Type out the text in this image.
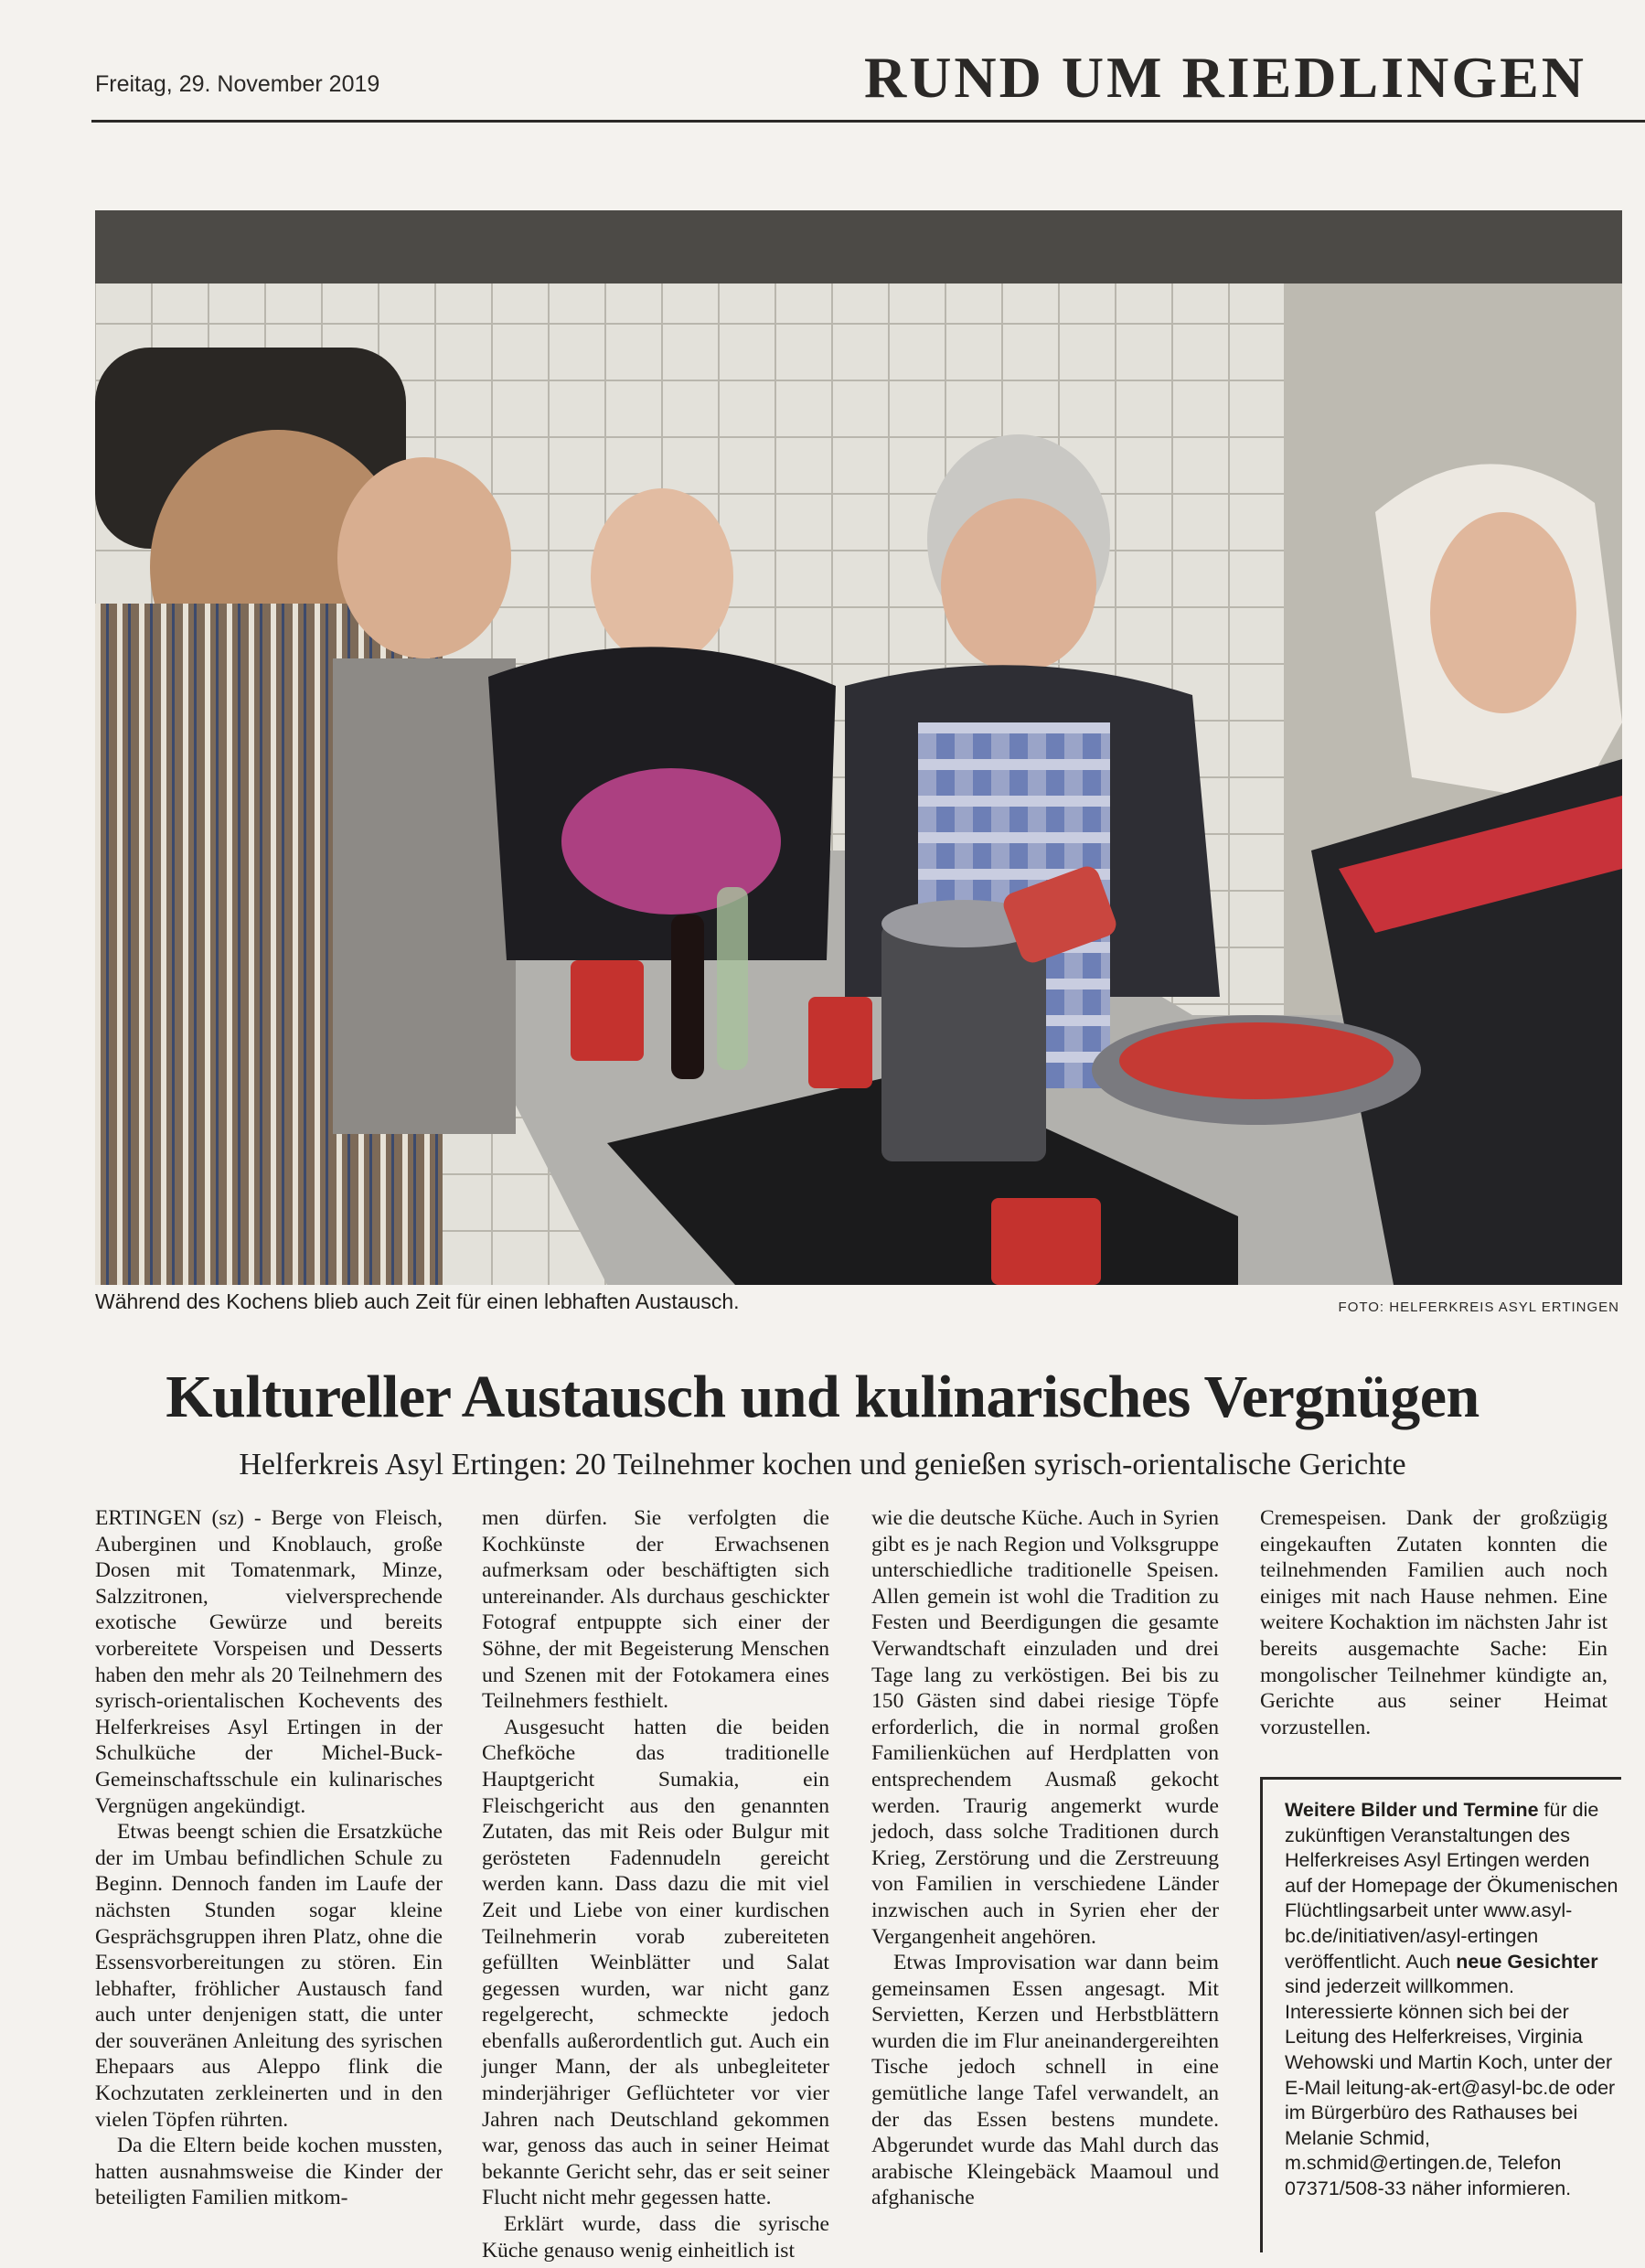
Freitag, 29. November 2019	RUND UM RIEDLINGEN
Während des Kochens blieb auch Zeit für einen lebhaften Austausch.	FOTO: HELFERKREIS ASYL ERTINGEN
Kultureller Austausch und kulinarisches Vergnügen
Helferkreis Asyl Ertingen: 20 Teilnehmer kochen und genießen syrisch-orientalische Gerichte

ERTINGEN (sz) - Berge von Fleisch, Auberginen und Knoblauch, große Dosen mit Tomatenmark, Minze, Salzzitronen, vielversprechende exotische Gewürze und bereits vorbereitete Vorspeisen und Desserts haben den mehr als 20 Teilnehmern des syrisch-orientalischen Kochevents des Helferkreises Asyl Ertingen in der Schulküche der Michel-Buck-Gemeinschaftsschule ein kulinarisches Vergnügen angekündigt.

Etwas beengt schien die Ersatzküche der im Umbau befindlichen Schule zu Beginn. Dennoch fanden im Laufe der nächsten Stunden sogar kleine Gesprächsgruppen ihren Platz, ohne die Essensvorbereitungen zu stören. Ein lebhafter, fröhlicher Austausch fand auch unter denjenigen statt, die unter der souveränen Anleitung des syrischen Ehepaars aus Aleppo flink die Kochzutaten zerkleinerten und in den vielen Töpfen rührten.

Da die Eltern beide kochen mussten, hatten ausnahmsweise die Kinder der beteiligten Familien mitkom-

men dürfen. Sie verfolgten die Kochkünste der Erwachsenen aufmerksam oder beschäftigten sich untereinander. Als durchaus geschickter Fotograf entpuppte sich einer der Söhne, der mit Begeisterung Menschen und Szenen mit der Fotokamera eines Teilnehmers festhielt.

Ausgesucht hatten die beiden Chefköche das traditionelle Hauptgericht Sumakia, ein Fleischgericht aus den genannten Zutaten, das mit Reis oder Bulgur mit gerösteten Fadennudeln gereicht werden kann. Dass dazu die mit viel Zeit und Liebe von einer kurdischen Teilnehmerin vorab zubereiteten gefüllten Weinblätter und Salat gegessen wurden, war nicht ganz regelgerecht, schmeckte jedoch ebenfalls außerordentlich gut. Auch ein junger Mann, der als unbegleiteter minderjähriger Geflüchteter vor vier Jahren nach Deutschland gekommen war, genoss das auch in seiner Heimat bekannte Gericht sehr, das er seit seiner Flucht nicht mehr gegessen hatte.

Erklärt wurde, dass die syrische Küche genauso wenig einheitlich ist

wie die deutsche Küche. Auch in Syrien gibt es je nach Region und Volksgruppe unterschiedliche traditionelle Speisen. Allen gemein ist wohl die Tradition zu Festen und Beerdigungen die gesamte Verwandtschaft einzuladen und drei Tage lang zu verköstigen. Bei bis zu 150 Gästen sind dabei riesige Töpfe erforderlich, die in normal großen Familienküchen auf Herdplatten von entsprechendem Ausmaß gekocht werden. Traurig angemerkt wurde jedoch, dass solche Traditionen durch Krieg, Zerstörung und die Zerstreuung von Familien in verschiedene Länder inzwischen auch in Syrien eher der Vergangenheit angehören.

Etwas Improvisation war dann beim gemeinsamen Essen angesagt. Mit Servietten, Kerzen und Herbstblättern wurden die im Flur aneinandergereihten Tische jedoch schnell in eine gemütliche lange Tafel verwandelt, an der das Essen bestens mundete. Abgerundet wurde das Mahl durch das arabische Kleingebäck Maamoul und afghanische

Cremespeisen. Dank der großzügig eingekauften Zutaten konnten die teilnehmenden Familien auch noch einiges mit nach Hause nehmen. Eine weitere Kochaktion im nächsten Jahr ist bereits ausgemachte Sache: Ein mongolischer Teilnehmer kündigte an, Gerichte aus seiner Heimat vorzustellen.

Weitere Bilder und Termine für die zukünftigen Veranstaltungen des Helferkreises Asyl Ertingen werden auf der Homepage der Ökumenischen Flüchtlingsarbeit unter www.asyl-bc.de/initiativen/asyl-ertingen veröffentlicht. Auch neue Gesichter sind jederzeit willkommen. Interessierte können sich bei der Leitung des Helferkreises, Virginia Wehowski und Martin Koch, unter der E-Mail leitung-ak-ert@asyl-bc.de oder im Bürgerbüro des Rathauses bei Melanie Schmid, m.schmid@ertingen.de, Telefon 07371/508-33 näher informieren.
